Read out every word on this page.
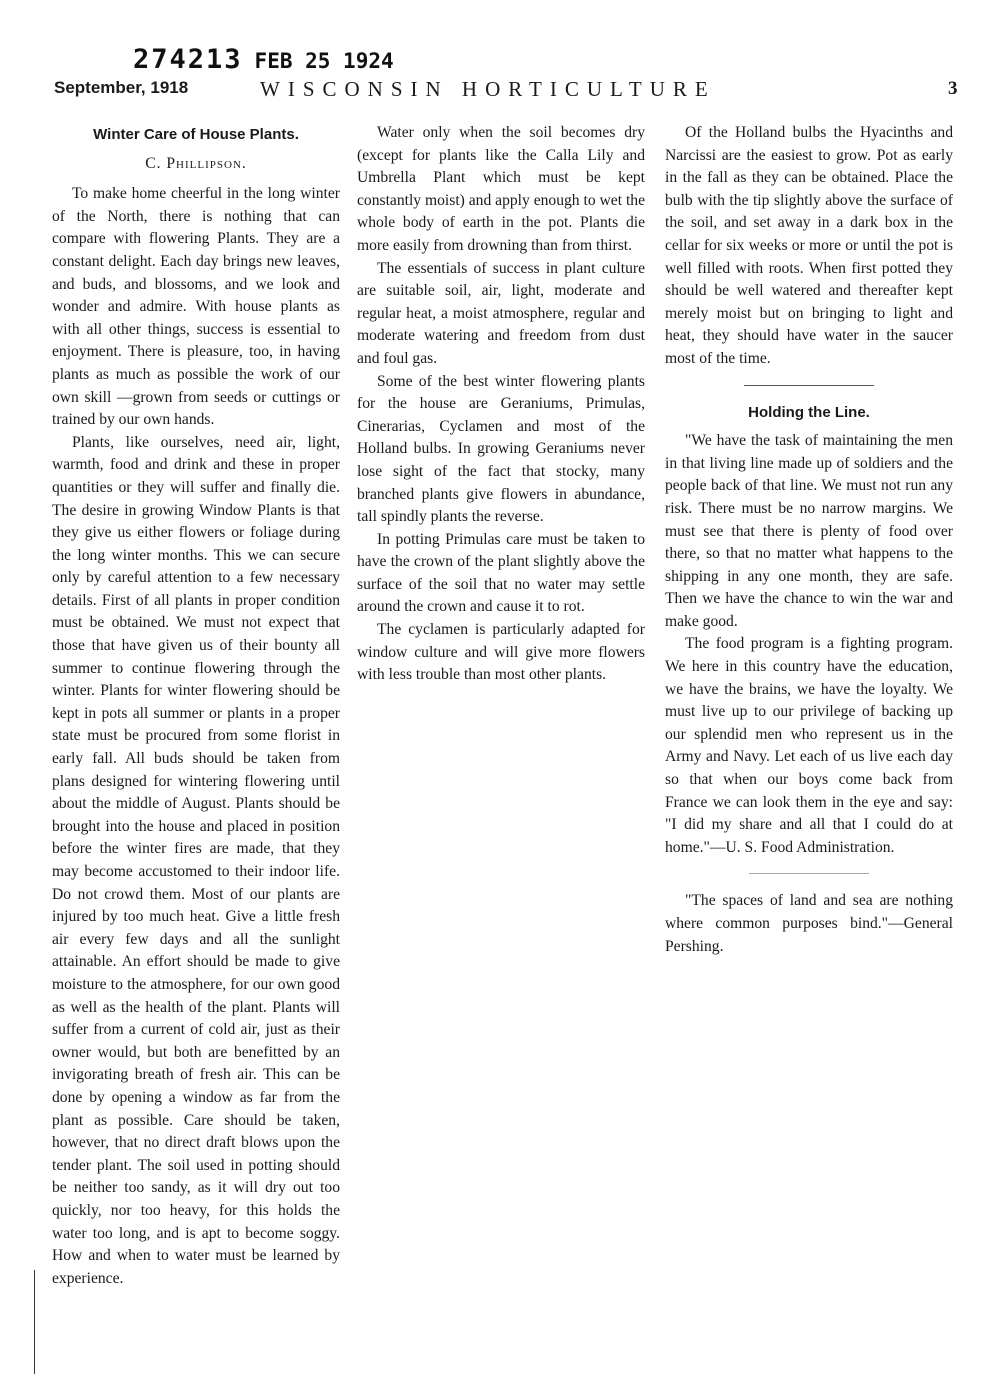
274213 FEB 25 1924
September, 1918	WISCONSIN HORTICULTURE	3
Winter Care of House Plants.
C. Phillipson.

To make home cheerful in the long winter of the North, there is nothing that can compare with flowering Plants. They are a constant delight. Each day brings new leaves, and buds, and blossoms, and we look and wonder and admire. With house plants as with all other things, success is essential to enjoyment. There is pleasure, too, in having plants as much as possible the work of our own skill —grown from seeds or cuttings or trained by our own hands.

Plants, like ourselves, need air, light, warmth, food and drink and these in proper quantities or they will suffer and finally die. The desire in growing Window Plants is that they give us either flowers or foliage during the long winter months. This we can secure only by careful attention to a few necessary details. First of all plants in proper condition must be obtained. We must not expect that those that have given us of their bounty all summer to continue flowering through the winter. Plants for winter flowering should be kept in pots all summer or plants in a proper state must be procured from some florist in early fall. All buds should be taken from plans designed for wintering flowering until about the middle of August. Plants should be brought into the house and placed in position before the winter fires are made, that they may become accustomed to their indoor life. Do not crowd them. Most of our plants are injured by too much heat. Give a little fresh air every few days and all the sunlight attainable. An effort should be made to give moisture to the atmosphere, for our own good as well as the health of the plant. Plants will suffer from a current of cold air, just as their owner would, but both are benefitted by an invigorating breath of fresh air. This can be done by opening a window as far from the plant as possible. Care should be taken, however, that no direct draft blows upon the tender plant. The soil used in potting should be neither too sandy, as it will dry out too quickly, nor too heavy, for this holds the water too long, and is apt to become soggy. How and when to water must be learned by experience.

Water only when the soil becomes dry (except for plants like the Calla Lily and Umbrella Plant which must be kept constantly moist) and apply enough to wet the whole body of earth in the pot. Plants die more easily from drowning than from thirst.

The essentials of success in plant culture are suitable soil, air, light, moderate and regular heat, a moist atmosphere, regular and moderate watering and freedom from dust and foul gas.

Some of the best winter flowering plants for the house are Geraniums, Primulas, Cinerarias, Cyclamen and most of the Holland bulbs. In growing Geraniums never lose sight of the fact that stocky, many branched plants give flowers in abundance, tall spindly plants the reverse.

In potting Primulas care must be taken to have the crown of the plant slightly above the surface of the soil that no water may settle around the crown and cause it to rot.

The cyclamen is particularly adapted for window culture and will give more flowers with less trouble than most other plants.

Of the Holland bulbs the Hyacinths and Narcissi are the easiest to grow. Pot as early in the fall as they can be obtained. Place the bulb with the tip slightly above the surface of the soil, and set away in a dark box in the cellar for six weeks or more or until the pot is well filled with roots. When first potted they should be well watered and thereafter kept merely moist but on bringing to light and heat, they should have water in the saucer most of the time.

Holding the Line.

"We have the task of maintaining the men in that living line made up of soldiers and the people back of that line. We must not run any risk. There must be no narrow margins. We must see that there is plenty of food over there, so that no matter what happens to the shipping in any one month, they are safe. Then we have the chance to win the war and make good.

The food program is a fighting program. We here in this country have the education, we have the brains, we have the loyalty. We must live up to our privilege of backing up our splendid men who represent us in the Army and Navy. Let each of us live each day so that when our boys come back from France we can look them in the eye and say: "I did my share and all that I could do at home."—U. S. Food Administration.

"The spaces of land and sea are nothing where common purposes bind."—General Pershing.
